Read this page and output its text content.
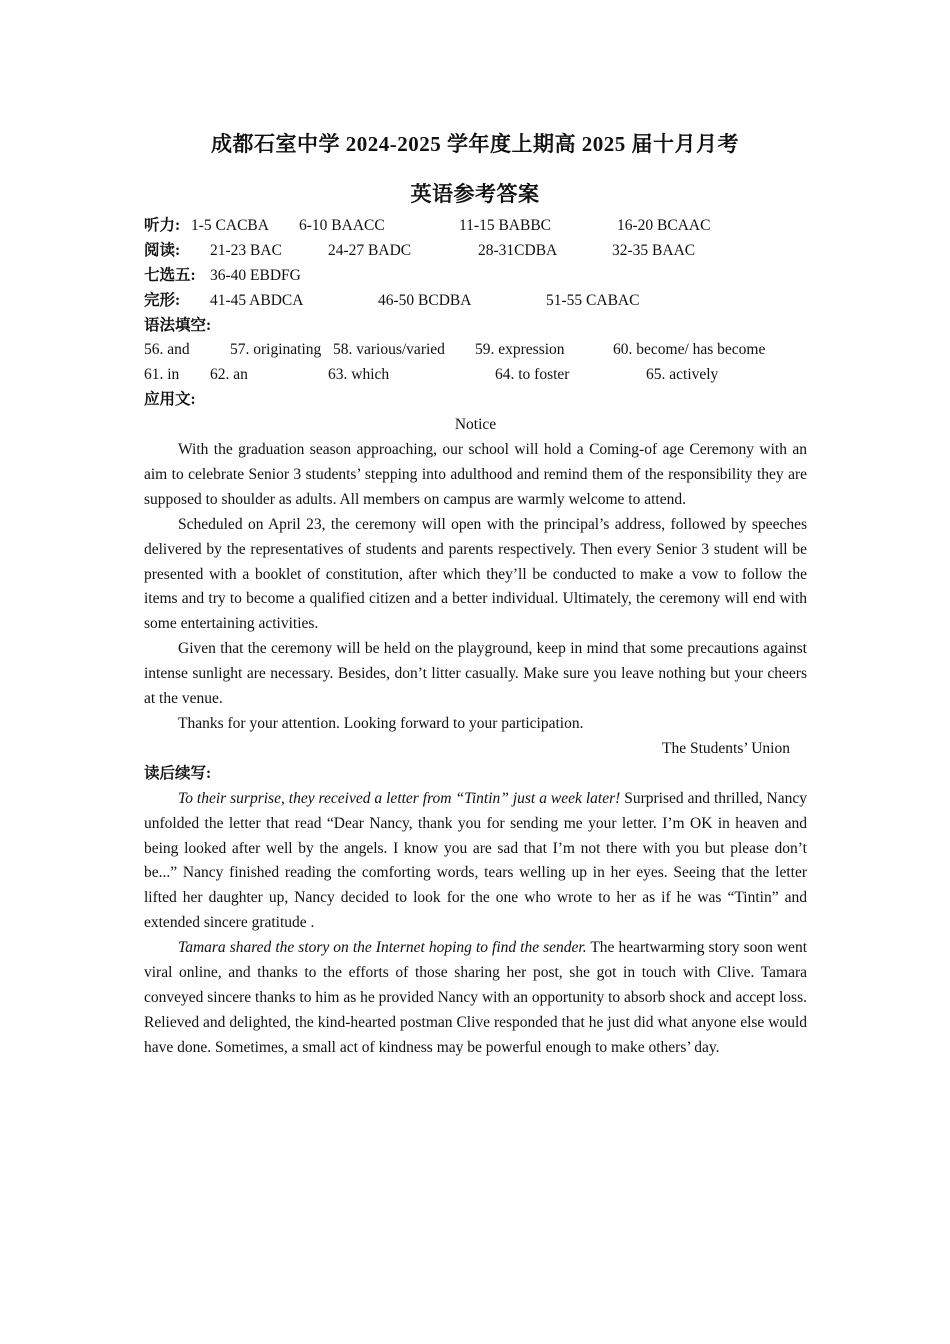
成都石室中学 2024-2025 学年度上期高 2025 届十月月考
英语参考答案
听力: 1-5 CACBA 6-10 BAACC	11-15 BABBC	16-20 BCAAC
阅读: 21-23 BAC	24-27 BADC	28-31CDBA	32-35 BAAC
七选五: 36-40 EBDFG
完形: 41-45 ABDCA	46-50 BCDBA	51-55 CABAC
语法填空:
56. and	57. originating 58. various/varied 59. expression	60. become/ has become
61. in 62. an	63. which	64. to foster	65. actively
应用文:
Notice

With the graduation season approaching, our school will hold a Coming-of age Ceremony with an aim to celebrate Senior 3 students’ stepping into adulthood and remind them of the responsibility they are supposed to shoulder as adults. All members on campus are warmly welcome to attend.

Scheduled on April 23, the ceremony will open with the principal’s address, followed by speeches delivered by the representatives of students and parents respectively. Then every Senior 3 student will be presented with a booklet of constitution, after which they’ll be conducted to make a vow to follow the items and try to become a qualified citizen and a better individual. Ultimately, the ceremony will end with some entertaining activities.

Given that the ceremony will be held on the playground, keep in mind that some precautions against intense sunlight are necessary. Besides, don’t litter casually. Make sure you leave nothing but your cheers at the venue.

Thanks for your attention. Looking forward to your participation.

The Students’ Union
读后续写:

To their surprise, they received a letter from “Tintin” just a week later! Surprised and thrilled, Nancy unfolded the letter that read “Dear Nancy, thank you for sending me your letter. I’m OK in heaven and being looked after well by the angels. I know you are sad that I’m not there with you but please don’t be...” Nancy finished reading the comforting words, tears welling up in her eyes. Seeing that the letter lifted her daughter up, Nancy decided to look for the one who wrote to her as if he was “Tintin” and extended sincere gratitude .

Tamara shared the story on the Internet hoping to find the sender. The heartwarming story soon went viral online, and thanks to the efforts of those sharing her post, she got in touch with Clive. Tamara conveyed sincere thanks to him as he provided Nancy with an opportunity to absorb shock and accept loss. Relieved and delighted, the kind-hearted postman Clive responded that he just did what anyone else would have done. Sometimes, a small act of kindness may be powerful enough to make others’ day.
